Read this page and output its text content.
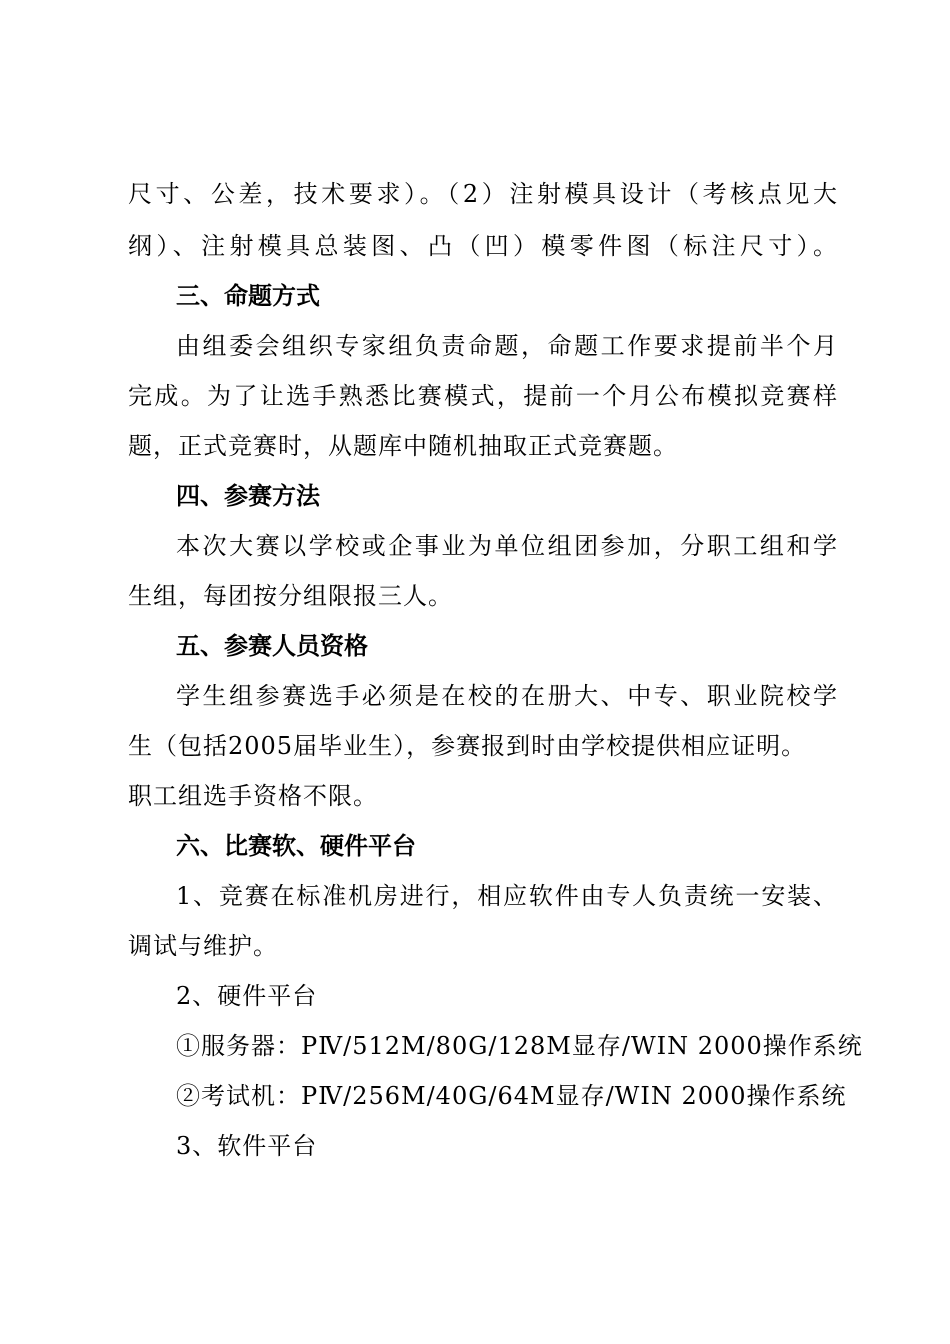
尺寸、公差，技术要求）。（2）注射模具设计（考核点见大
纲）、注射模具总装图、凸（凹）模零件图（标注尺寸）。
三、命题方式
由组委会组织专家组负责命题，命题工作要求提前半个月
完成。为了让选手熟悉比赛模式，提前一个月公布模拟竞赛样
题，正式竞赛时，从题库中随机抽取正式竞赛题。
四、参赛方法
本次大赛以学校或企事业为单位组团参加，分职工组和学
生组，每团按分组限报三人。
五、参赛人员资格
学生组参赛选手必须是在校的在册大、中专、职业院校学
生（包括2005届毕业生），参赛报到时由学校提供相应证明。
职工组选手资格不限。
六、比赛软、硬件平台
1、竞赛在标准机房进行，相应软件由专人负责统一安装、
调试与维护。
2、硬件平台
①服务器：PⅣ/512M/80G/128M显存/WIN 2000操作系统
②考试机：PⅣ/256M/40G/64M显存/WIN 2000操作系统
3、软件平台
